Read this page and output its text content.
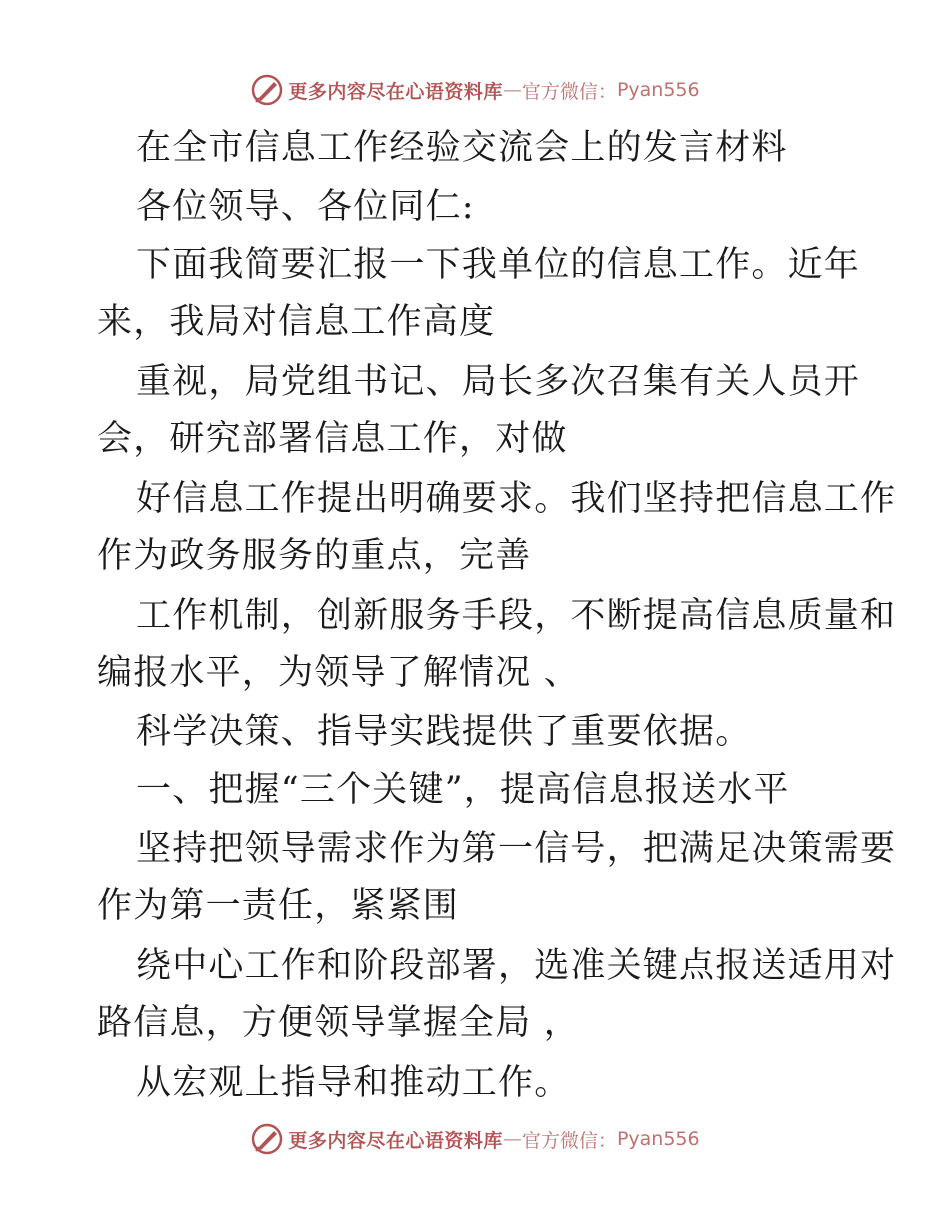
更多内容尽在心语资料库 — 官方微信： Pyan556
在全市信息工作经验交流会上的发言材料
各位领导、各位同仁:
下面我简要汇报一下我单位的信息工作。近年
来，我局对信息工作高度
重视，局党组书记、局长多次召集有关人员开
会，研究部署信息工作，对做
好信息工作提出明确要求。我们坚持把信息工作
作为政务服务的重点，完善
工作机制，创新服务手段，不断提高信息质量和
编报水平，为领导了解情况 、
科学决策、指导实践提供了重要依据。
一、把握“三个关键”，提高信息报送水平
坚持把领导需求作为第一信号，把满足决策需要
作为第一责任，紧紧围
绕中心工作和阶段部署，选准关键点报送适用对
路信息，方便领导掌握全局 ，
从宏观上指导和推动工作。
更多内容尽在心语资料库 — 官方微信： Pyan556
